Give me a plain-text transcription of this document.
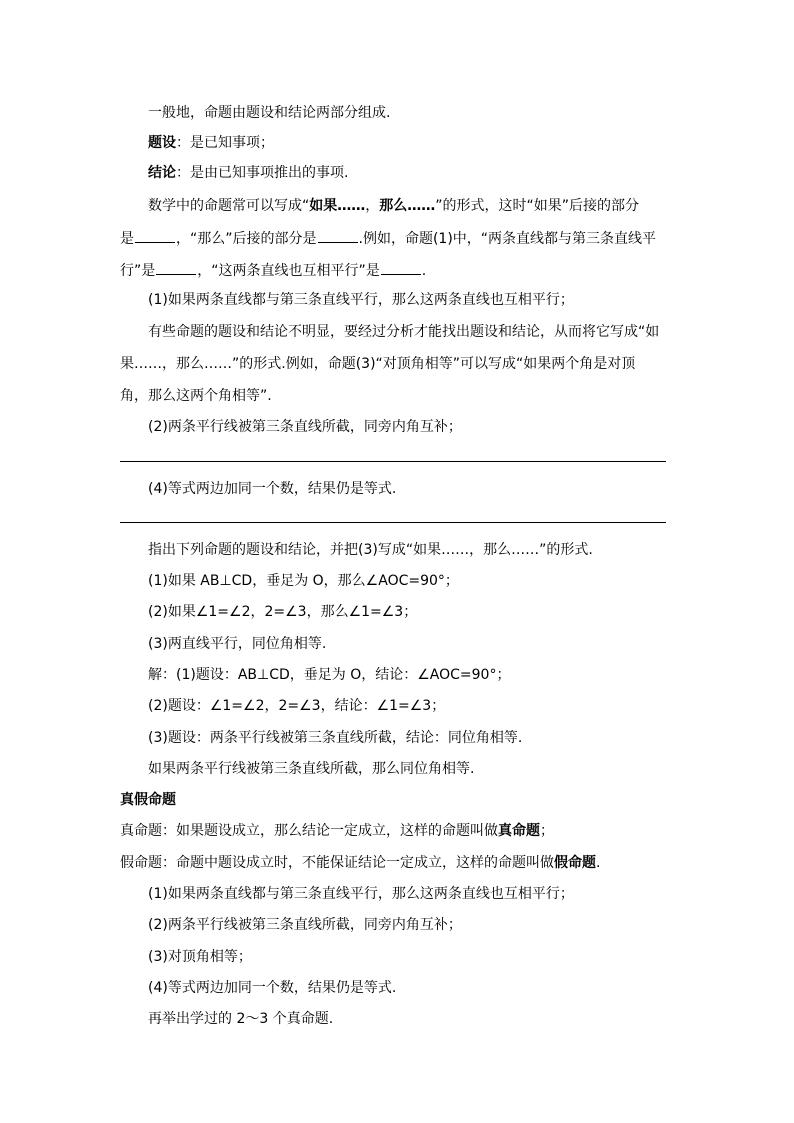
一般地，命题由题设和结论两部分组成.
题设：是已知事项；
结论：是由已知事项推出的事项.
数学中的命题常可以写成“如果……，那么……”的形式，这时“如果”后接的部分
是	，“那么”后接的部分是	.例如，命题(1)中，“两条直线都与第三条直线平
行”是	，“这两条直线也互相平行”是	.
(1)如果两条直线都与第三条直线平行，那么这两条直线也互相平行；
有些命题的题设和结论不明显，要经过分析才能找出题设和结论，从而将它写成“如
果……，那么……”的形式.例如，命题(3)“对顶角相等”可以写成“如果两个角是对顶
角，那么这两个角相等”.
(2)两条平行线被第三条直线所截，同旁内角互补；
(4)等式两边加同一个数，结果仍是等式.
指出下列命题的题设和结论，并把(3)写成“如果……，那么……”的形式.
(1)如果 AB⊥CD，垂足为 O，那么∠AOC=90°；
(2)如果∠1=∠2，2=∠3，那么∠1=∠3；
(3)两直线平行，同位角相等.
解：(1)题设：AB⊥CD，垂足为 O，结论：∠AOC=90°；
(2)题设：∠1=∠2，2=∠3，结论：∠1=∠3；
(3)题设：两条平行线被第三条直线所截，结论：同位角相等.
如果两条平行线被第三条直线所截，那么同位角相等.
真假命题
真命题：如果题设成立，那么结论一定成立，这样的命题叫做真命题；
假命题：命题中题设成立时，不能保证结论一定成立，这样的命题叫做假命题.
(1)如果两条直线都与第三条直线平行，那么这两条直线也互相平行；
(2)两条平行线被第三条直线所截，同旁内角互补；
(3)对顶角相等；
(4)等式两边加同一个数，结果仍是等式.
再举出学过的 2～3 个真命题.
